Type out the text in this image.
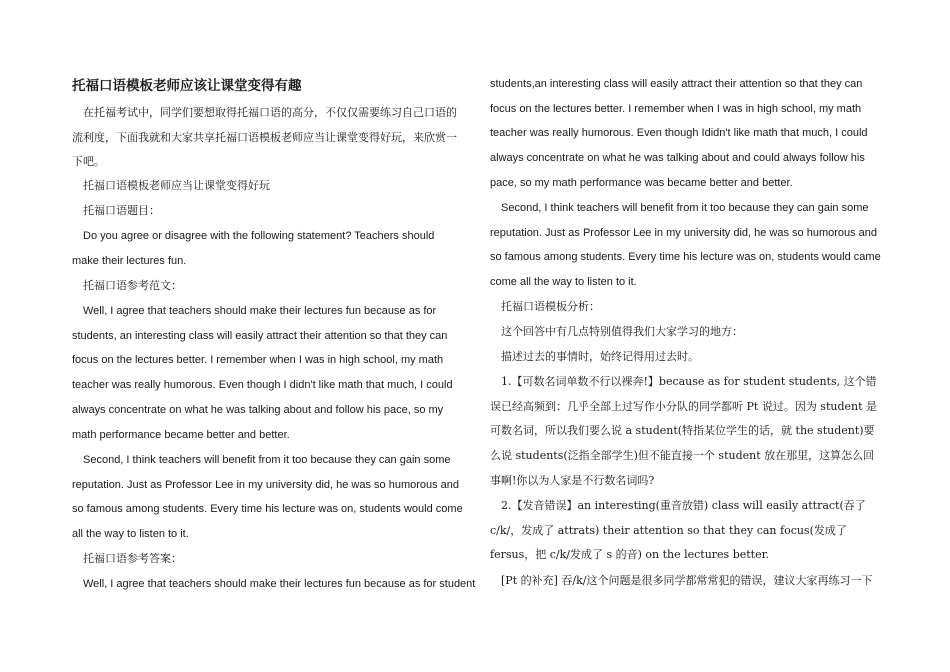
托福口语模板老师应该让课堂变得有趣
在托福考试中，同学们要想取得托福口语的高分，不仅仅需要练习自己口语的流利度，下面我就和大家共享托福口语模板老师应当让课堂变得好玩，来欣赏一下吧。
托福口语模板老师应当让课堂变得好玩
托福口语题目：
Do you agree or disagree with the following statement? Teachers should make their lectures fun.
托福口语参考范文：
Well, I agree that teachers should make their lectures fun because as for students, an interesting class will easily attract their attention so that they can focus on the lectures better. I remember when I was in high school, my math teacher was really humorous. Even though I didn't like math that much, I could always concentrate on what he was talking about and follow his pace, so my math performance became better and better.
Second, I think teachers will benefit from it too because they can gain some reputation. Just as Professor Lee in my university did, he was so humorous and so famous among students. Every time his lecture was on, students would come all the way to listen to it.
托福口语参考答案：
Well, I agree that teachers should make their lectures fun because as for student
students,an interesting class will easily attract their attention so that they can focus on the lectures better. I remember when I was in high school, my math teacher was really humorous. Even though Ididn't like math that much, I could always concentrate on what he was talking about and could always follow his pace, so my math performance was became better and better.
Second, I think teachers will benefit from it too because they can gain some reputation. Just as Professor Lee in my university did, he was so humorous and so famous among students. Every time his lecture was on, students would came come all the way to listen to it.
托福口语模板分析：
这个回答中有几点特别值得我们大家学习的地方：
描述过去的事情时，始终记得用过去时。
1.【可数名词单数不行以裸奔!】because as for student students, 这个错误已经高频到：几乎全部上过写作小分队的同学都听 Pt 说过。因为 student 是可数名词，所以我们要么说 a student(特指某位学生的话，就 the student)要么说 students(泛指全部学生)但不能直接一个 student 放在那里，这算怎么回事啊!你以为人家是不行数名词吗?
2.【发音错误】an interesting(重音放错) class will easily attract(吞了 c/k/，发成了 attrats) their attention so that they can focus(发成了 fersus，把 c/k/发成了 s 的音) on the lectures better.
[Pt 的补充] 吞/k/这个问题是很多同学都常常犯的错误，建议大家再练习一下
